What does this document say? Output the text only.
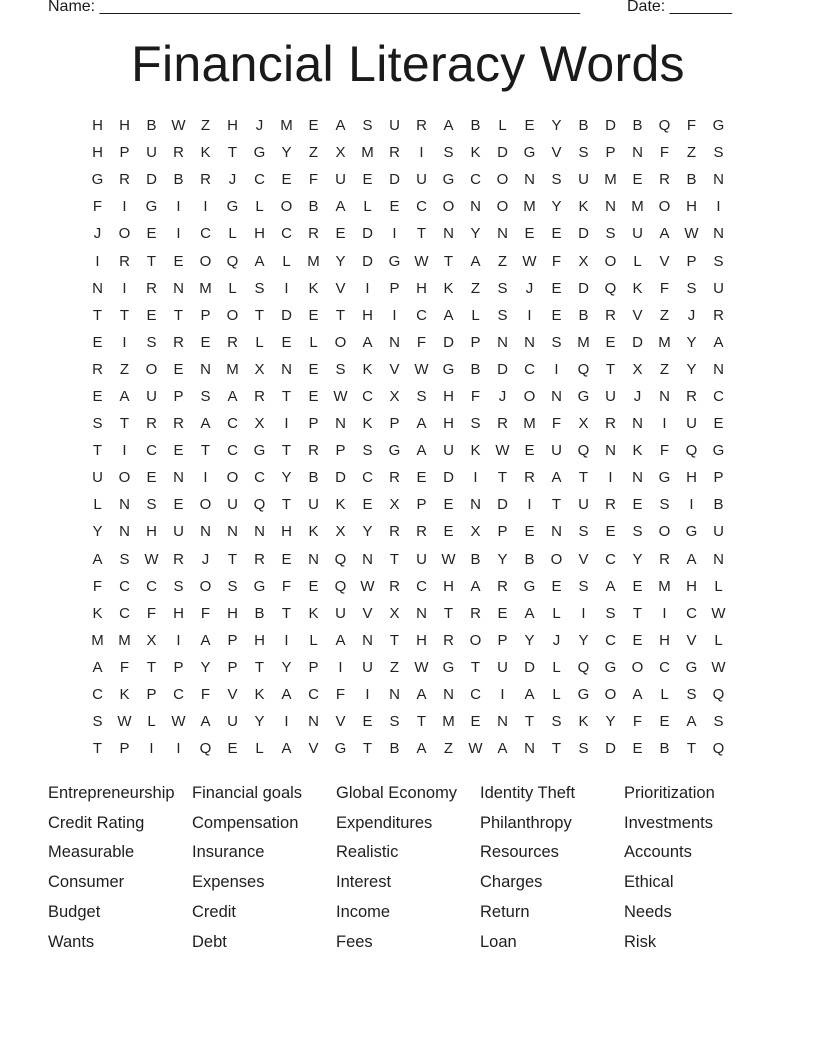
Name: ______________________________________________________

	Date: _______

Financial Literacy Words
H	H	B W	Z	H	J	M	E	A	S	U	R	A	B	L	E	Y	B	D	B	Q	F	G
H	P	U	R	K	T	G	Y	Z	X	M	R	I	S	K	D	G	V	S	P	N	F	Z	S
G	R	D	B	R	J	C	E	F	U	E	D	U	G	C	O	N	S	U	M	E	R	B	N
F	I	G	I	I	G	L	O	B	A	L	E	C	O	N	O M	Y	K	N	M O	H	I
J	O	E	I	C	L	H	C	R	E	D	I	T	N	Y	N	E	E	D	S	U	A W N
I	R	T	E	O	Q	A	L	M	Y	D	G W	T	A	Z	W	F	X	O	L	V	P	S
N	I	R	N	M	L	S	I	K	V	I	P	H	K	Z	S	J	E	D	Q	K	F	S	U
T	T	E	T	P	O	T	D	E	T	H	I	C	A	L	S	I	E	B	R	V	Z	J	R
E	I	S	R	E	R	L	E	L	O	A	N	F	D	P	N	N	S	M	E	D	M	Y	A
R	Z	O	E	N	M	X	N	E	S	K	V W G	B	D	C	I	Q	T	X	Z	Y	N
E	A	U	P	S	A	R	T	E W C	X	S	H	F	J	O	N	G	U	J	N	R	C
S	T	R	R	A	C	X	I	P	N	K	P	A	H	S	R	M	F	X	R	N	I	U	E
T	I	C	E	T	C	G	T	R	P	S	G	A	U	K W E	U	Q	N	K	F	Q	G
U	O	E	N	I	O	C	Y	B	D	C	R	E	D	I	T	R	A	T	I	N	G	H	P
L	N	S	E	O	U	Q	T	U	K	E	X	P	E	N	D	I	T	U	R	E	S	I	B
Y	N	H	U	N	N	N	H	K	X	Y	R	R	E	X	P	E	N	S	E	S	O	G	U
A	S W R	J	T	R	E	N	Q	N	T	U W B	Y	B	O	V	C	Y	R	A	N
F	C	C	S	O	S	G	F	E	Q W R	C	H	A	R	G	E	S	A	E	M	H	L
K	C	F	H	F	H	B	T	K	U	V	X	N	T	R	E	A	L	I	S	T	I	C W
M M	X	I	A	P	H	I	L	A	N	T	H	R	O	P	Y	J	Y	C	E	H	V	L
A	F	T	P	Y	P	T	Y	P	I	U	Z	W G	T	U	D	L	Q	G	O	C	G W
C	K	P	C	F	V	K	A	C	F	I	N	A	N	C	I	A	L	G	O	A	L	S	Q
S W	L	W A	U	Y	I	N	V	E	S	T	M	E	N	T	S	K	Y	F	E	A	S
T	P	I	I	Q	E	L	A	V	G	T	B	A	Z	W A	N	T	S	D	E	B	T	Q
Entrepreneurship	Financial goals	Global Economy	Identity Theft	Prioritization
Credit Rating	Compensation	Expenditures	Philanthropy	Investments
Measurable	Insurance	Realistic	Resources	Accounts
Consumer	Expenses	Interest	Charges	Ethical
Budget	Credit	Income	Return	Needs
Wants	Debt	Fees	Loan	Risk
